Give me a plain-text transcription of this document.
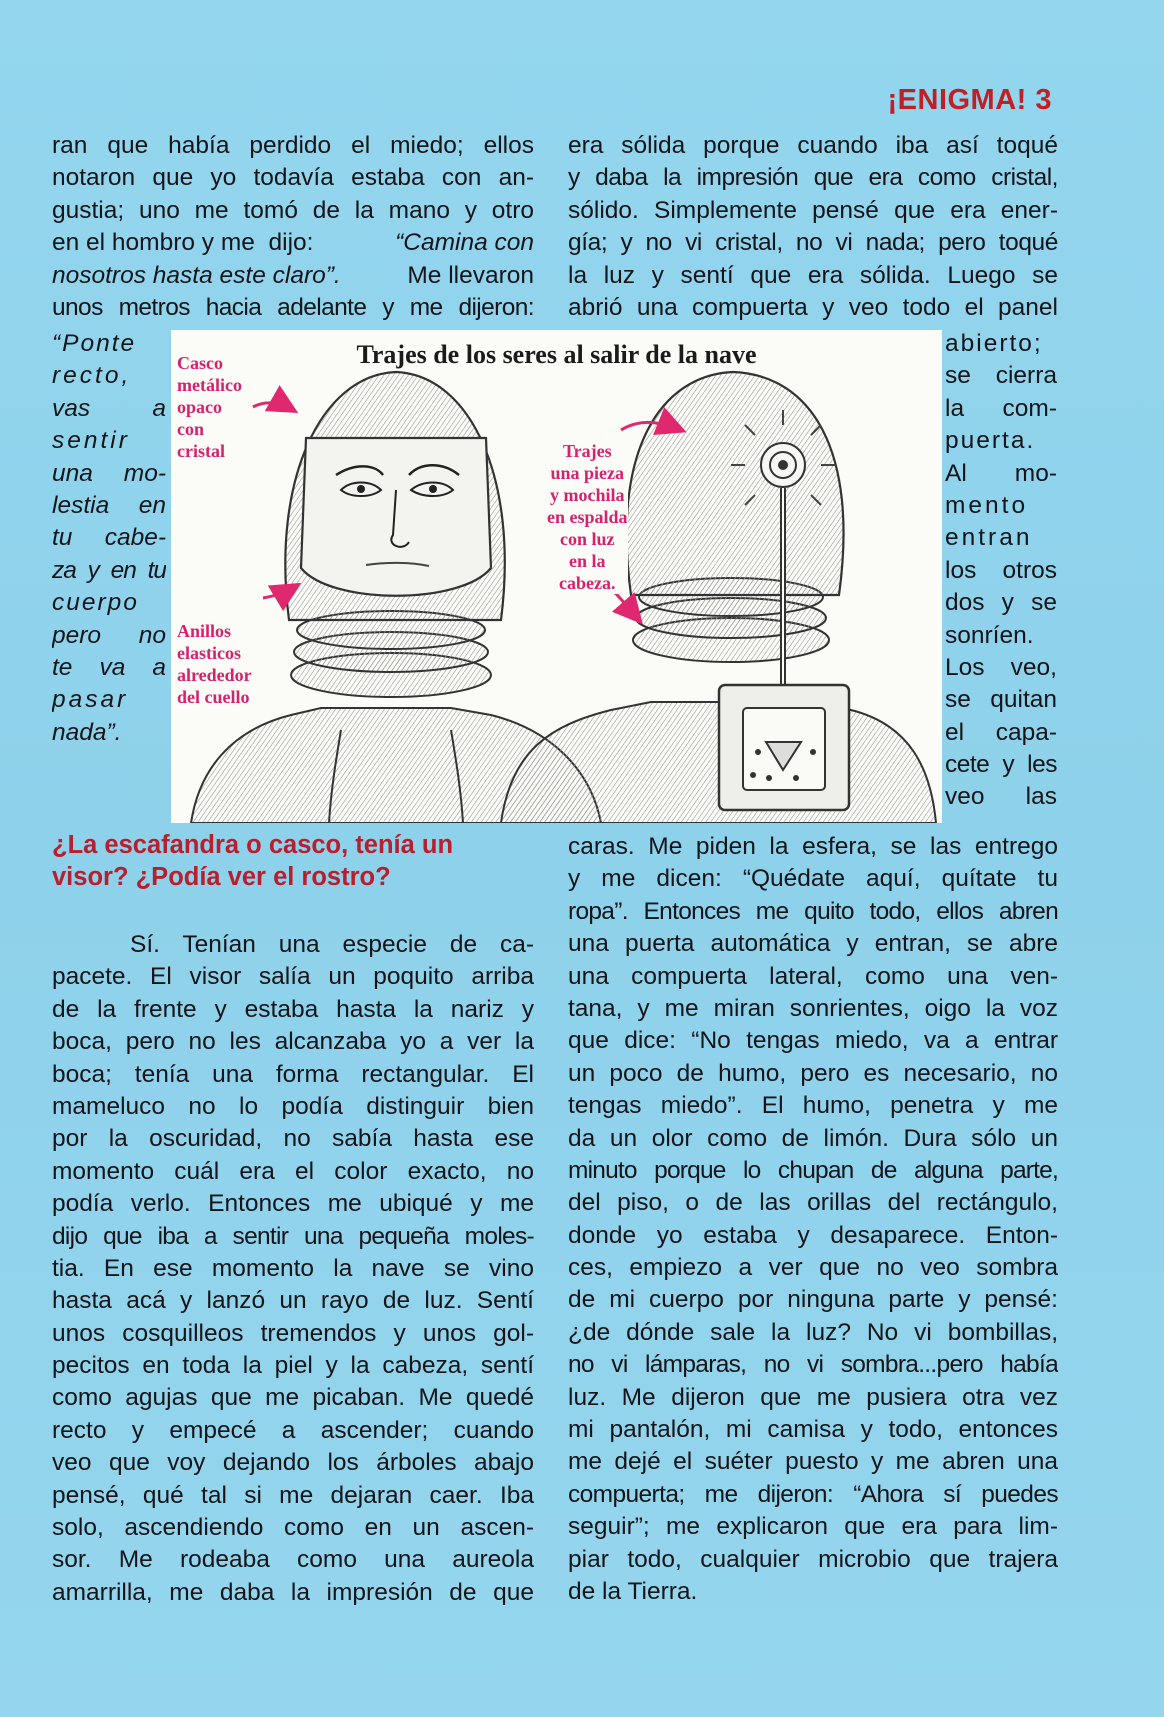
¡ENIGMA! 3
ran que había perdido el miedo; ellos
notaron que yo todavía estaba con an-
gustia; uno me tomó de la mano y otro
en el hombro y me  dijo:	“Camina con
nosotros hasta este claro”.	Me llevaron
unos metros hacia adelante y me dijeron:
“Ponte
recto,
vas a
sentir
una mo-
lestia en
tu cabe-
za y en tu
cuerpo
pero no
te va a
pasar
nada”.
¿La escafandra o casco, tenía un visor? ¿Podía ver el rostro?
Sí. Tenían una especie de ca-
pacete. El visor salía un poquito arriba
de la frente y estaba hasta la nariz y
boca, pero no les alcanzaba yo a ver la
boca; tenía una forma rectangular. El
mameluco no lo podía distinguir bien
por la oscuridad, no sabía hasta ese
momento cuál era el color exacto, no
podía verlo. Entonces me ubiqué y me
dijo que iba a sentir una pequeña moles-
tia. En ese momento la nave se vino
hasta acá y lanzó un rayo de luz. Sentí
unos cosquilleos tremendos y unos gol-
pecitos en toda la piel y la cabeza, sentí
como agujas que me picaban. Me quedé
recto y empecé a ascender; cuando
veo que voy dejando los árboles abajo
pensé, qué tal si me dejaran caer. Iba
solo, ascendiendo como en un ascen-
sor. Me rodeaba como una aureola
amarrilla, me daba la impresión de que
era sólida porque cuando iba así toqué
y daba la impresión que era como cristal,
sólido. Simplemente pensé que era ener-
gía; y no vi cristal, no vi nada; pero toqué
la luz y sentí que era sólida. Luego se
abrió una compuerta y veo todo el panel
abierto;
se cierra
la com-
puerta.
Al mo-
mento
entran
los otros
dos y se
sonríen.
Los veo,
se quitan
el capa-
cete y les
veo las
caras. Me piden la esfera, se las entrego
y me dicen: “Quédate aquí, quítate tu
ropa”. Entonces me quito todo, ellos abren
una puerta automática y entran, se abre
una compuerta lateral, como una ven-
tana, y me miran sonrientes, oigo la voz
que dice: “No tengas miedo, va a entrar
un poco de humo, pero es necesario, no
tengas miedo”. El humo, penetra y me
da un olor como de limón. Dura sólo un
minuto porque lo chupan de alguna parte,
del piso, o de las orillas del rectángulo,
donde yo estaba y desaparece. Enton-
ces, empiezo a ver que no veo sombra
de mi cuerpo por ninguna parte y pensé:
¿de dónde sale la luz? No vi bombillas,
no vi lámparas, no vi sombra...pero había
luz. Me dijeron que me pusiera otra vez
mi pantalón, mi camisa y todo, entonces
me dejé el suéter puesto y me abren una
compuerta; me dijeron: “Ahora sí puedes
seguir”; me explicaron que era para lim-
piar todo, cualquier microbio que trajera
de la Tierra.
Trajes de los seres al salir de la nave
Casco
metálico
opaco
con
cristal
Anillos
elasticos
alrededor
del cuello
Trajes
una pieza
y mochila
en espalda
con luz
en la
cabeza.
